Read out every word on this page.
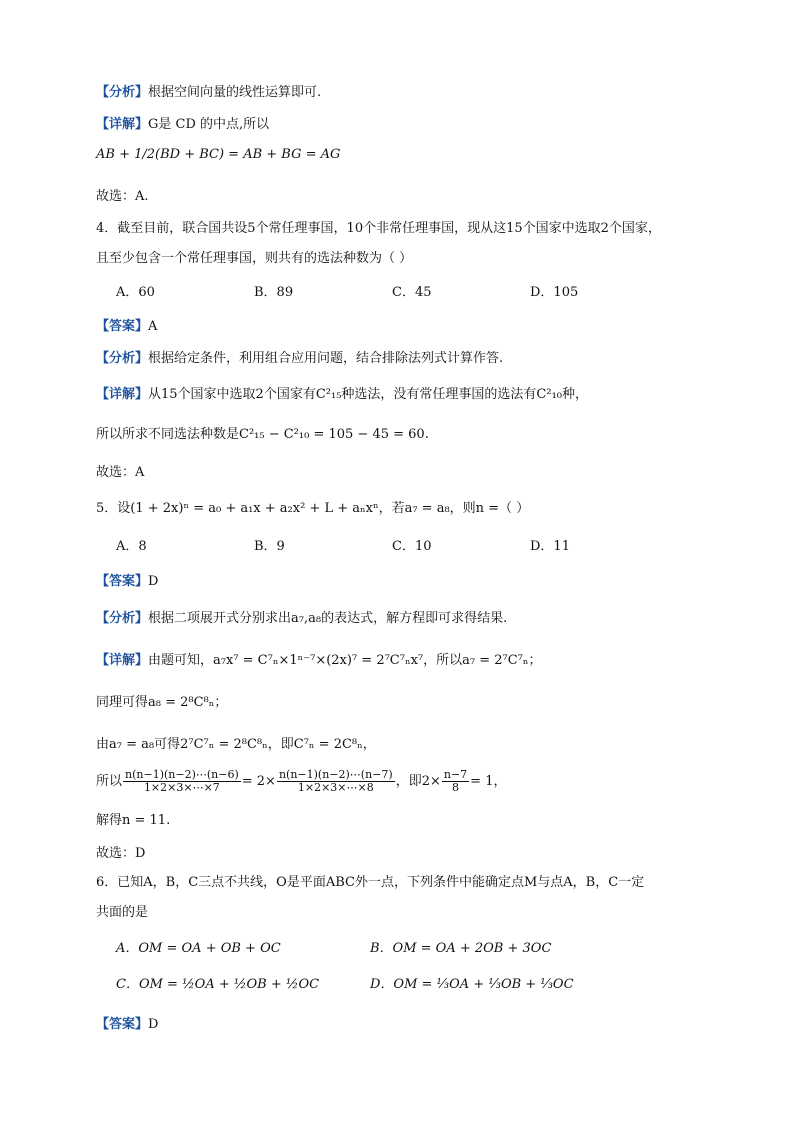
【分析】根据空间向量的线性运算即可.
【详解】G是 CD 的中点,所以
AB + 1/2(BD + BC) = AB + BG = AG
故选：A.
4．截至目前，联合国共设5个常任理事国，10个非常任理事国，现从这15个国家中选取2个国家，
且至少包含一个常任理事国，则共有的选法种数为（ ）
A．60	B．89	C．45	D．105
【答案】A
【分析】根据给定条件，利用组合应用问题，结合排除法列式计算作答.
【详解】从15个国家中选取2个国家有C²₁₅种选法，没有常任理事国的选法有C²₁₀种，
所以所求不同选法种数是C²₁₅ − C²₁₀ = 105 − 45 = 60.
故选：A
5．设(1 + 2x)ⁿ = a₀ + a₁x + a₂x² + L + aₙxⁿ，若a₇ = a₈，则n =（ ）
A．8	B．9	C．10	D．11
【答案】D
【分析】根据二项展开式分别求出a₇,a₈的表达式，解方程即可求得结果.
【详解】由题可知，a₇x⁷ = C⁷ₙ×1ⁿ⁻⁷×(2x)⁷ = 2⁷C⁷ₙx⁷，所以a₇ = 2⁷C⁷ₙ；
同理可得a₈ = 2⁸C⁸ₙ；
由a₇ = a₈可得2⁷C⁷ₙ = 2⁸C⁸ₙ，即C⁷ₙ = 2C⁸ₙ，
所以 $\frac{n(n-1)(n-2)\cdots(n-6)}{1\times 2\times 3\times\cdots\times 7} = 2\times \frac{n(n-1)(n-2)\cdots(n-7)}{1\times 2\times 3\times\cdots\times 8}$ ，即$2\times \frac{n-7}{8} = 1$，
解得n = 11.
故选：D
6．已知A，B，C三点不共线，O是平面ABC外一点，下列条件中能确定点M与点A，B，C一定
共面的是
A．OM = OA + OB + OC	B．OM = OA + 2OB + 3OC
C．OM = ½OA + ½OB + ½OC	D．OM = ⅓OA + ⅓OB + ⅓OC
【答案】D
